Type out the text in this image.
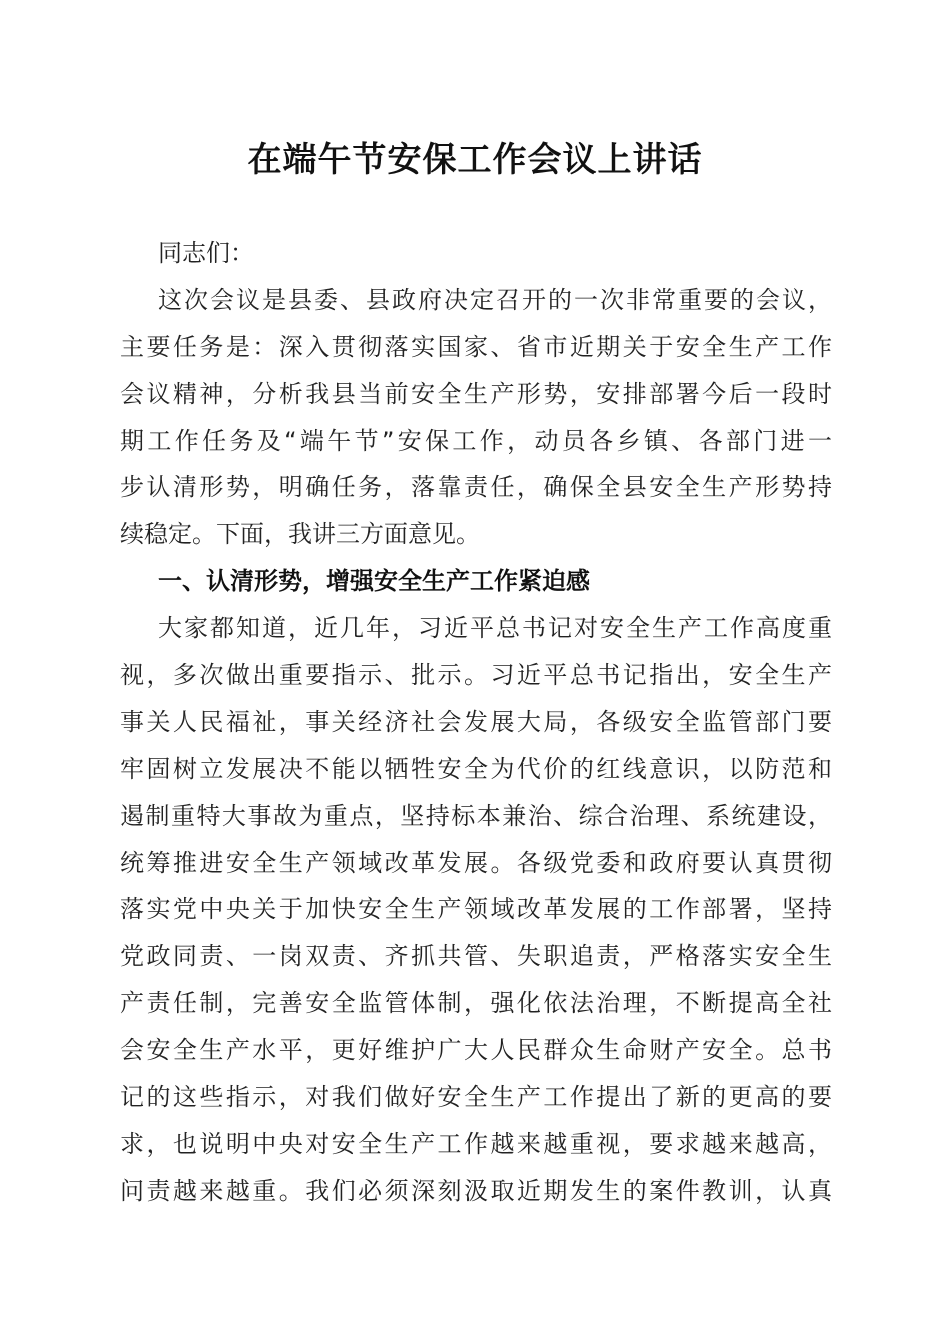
在端午节安保工作会议上讲话
同志们：
这次会议是县委、县政府决定召开的一次非常重要的会议，
主要任务是：深入贯彻落实国家、省市近期关于安全生产工作
会议精神，分析我县当前安全生产形势，安排部署今后一段时
期工作任务及“端午节”安保工作，动员各乡镇、各部门进一
步认清形势，明确任务，落靠责任，确保全县安全生产形势持
续稳定。下面，我讲三方面意见。
一、认清形势，增强安全生产工作紧迫感
大家都知道，近几年，习近平总书记对安全生产工作高度重
视，多次做出重要指示、批示。习近平总书记指出，安全生产
事关人民福祉，事关经济社会发展大局，各级安全监管部门要
牢固树立发展决不能以牺牲安全为代价的红线意识，以防范和
遏制重特大事故为重点，坚持标本兼治、综合治理、系统建设，
统筹推进安全生产领域改革发展。各级党委和政府要认真贯彻
落实党中央关于加快安全生产领域改革发展的工作部署，坚持
党政同责、一岗双责、齐抓共管、失职追责，严格落实安全生
产责任制，完善安全监管体制，强化依法治理，不断提高全社
会安全生产水平，更好维护广大人民群众生命财产安全。总书
记的这些指示，对我们做好安全生产工作提出了新的更高的要
求，也说明中央对安全生产工作越来越重视，要求越来越高，
问责越来越重。我们必须深刻汲取近期发生的案件教训，认真
